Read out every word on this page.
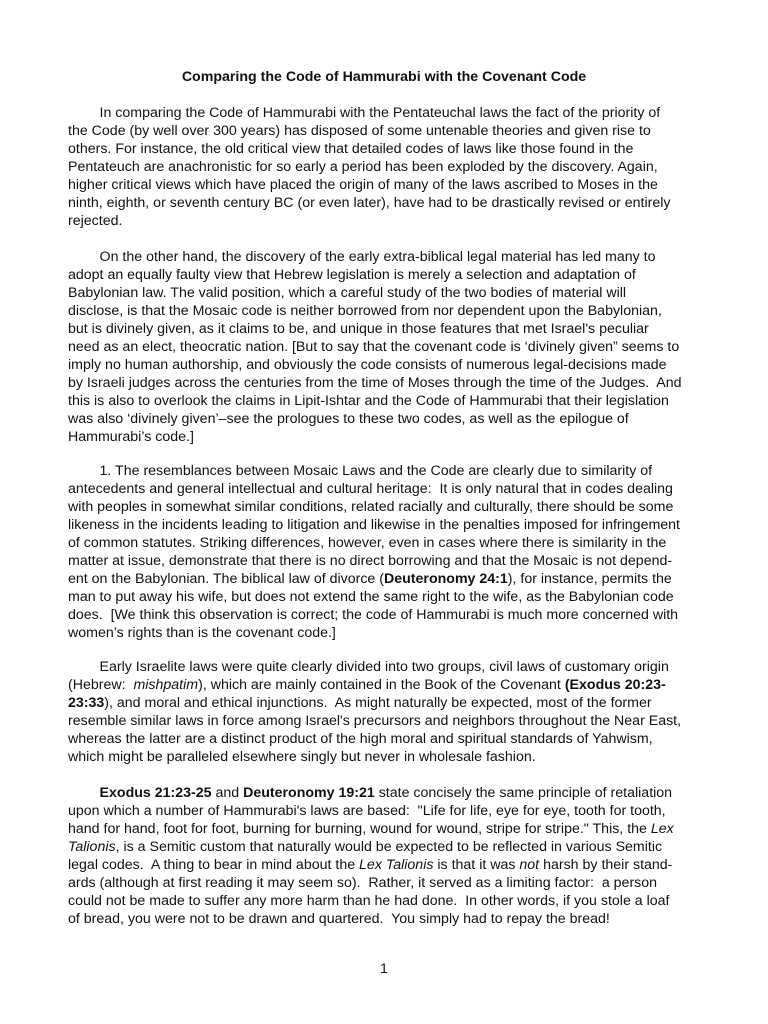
Comparing the Code of Hammurabi with the Covenant Code
In comparing the Code of Hammurabi with the Pentateuchal laws the fact of the priority of
the Code (by well over 300 years) has disposed of some untenable theories and given rise to
others. For instance, the old critical view that detailed codes of laws like those found in the
Pentateuch are anachronistic for so early a period has been exploded by the discovery. Again,
higher critical views which have placed the origin of many of the laws ascribed to Moses in the
ninth, eighth, or seventh century BC (or even later), have had to be drastically revised or entirely
rejected.
On the other hand, the discovery of the early extra-biblical legal material has led many to
adopt an equally faulty view that Hebrew legislation is merely a selection and adaptation of
Babylonian law. The valid position, which a careful study of the two bodies of material will
disclose, is that the Mosaic code is neither borrowed from nor dependent upon the Babylonian,
but is divinely given, as it claims to be, and unique in those features that met Israel's peculiar
need as an elect, theocratic nation. [But to say that the covenant code is ‘divinely given” seems to
imply no human authorship, and obviously the code consists of numerous legal-decisions made
by Israeli judges across the centuries from the time of Moses through the time of the Judges.  And
this is also to overlook the claims in Lipit-Ishtar and the Code of Hammurabi that their legislation
was also ‘divinely given’–see the prologues to these two codes, as well as the epilogue of
Hammurabi’s code.]
1. The resemblances between Mosaic Laws and the Code are clearly due to similarity of
antecedents and general intellectual and cultural heritage:  It is only natural that in codes dealing
with peoples in somewhat similar conditions, related racially and culturally, there should be some
likeness in the incidents leading to litigation and likewise in the penalties imposed for infringement
of common statutes. Striking differences, however, even in cases where there is similarity in the
matter at issue, demonstrate that there is no direct borrowing and that the Mosaic is not depend-
ent on the Babylonian. The biblical law of divorce (Deuteronomy 24:1), for instance, permits the
man to put away his wife, but does not extend the same right to the wife, as the Babylonian code
does.  [We think this observation is correct; the code of Hammurabi is much more concerned with
women’s rights than is the covenant code.]
Early Israelite laws were quite clearly divided into two groups, civil laws of customary origin
(Hebrew:  mishpatim), which are mainly contained in the Book of the Covenant (Exodus 20:23-
23:33), and moral and ethical injunctions.  As might naturally be expected, most of the former
resemble similar laws in force among Israel's precursors and neighbors throughout the Near East,
whereas the latter are a distinct product of the high moral and spiritual standards of Yahwism,
which might be paralleled elsewhere singly but never in wholesale fashion.
Exodus 21:23-25 and Deuteronomy 19:21 state concisely the same principle of retaliation
upon which a number of Hammurabi's laws are based:  "Life for life, eye for eye, tooth for tooth,
hand for hand, foot for foot, burning for burning, wound for wound, stripe for stripe." This, the Lex
Talionis, is a Semitic custom that naturally would be expected to be reflected in various Semitic
legal codes.  A thing to bear in mind about the Lex Talionis is that it was not harsh by their stand-
ards (although at first reading it may seem so).  Rather, it served as a limiting factor:  a person
could not be made to suffer any more harm than he had done.  In other words, if you stole a loaf
of bread, you were not to be drawn and quartered.  You simply had to repay the bread!
1
